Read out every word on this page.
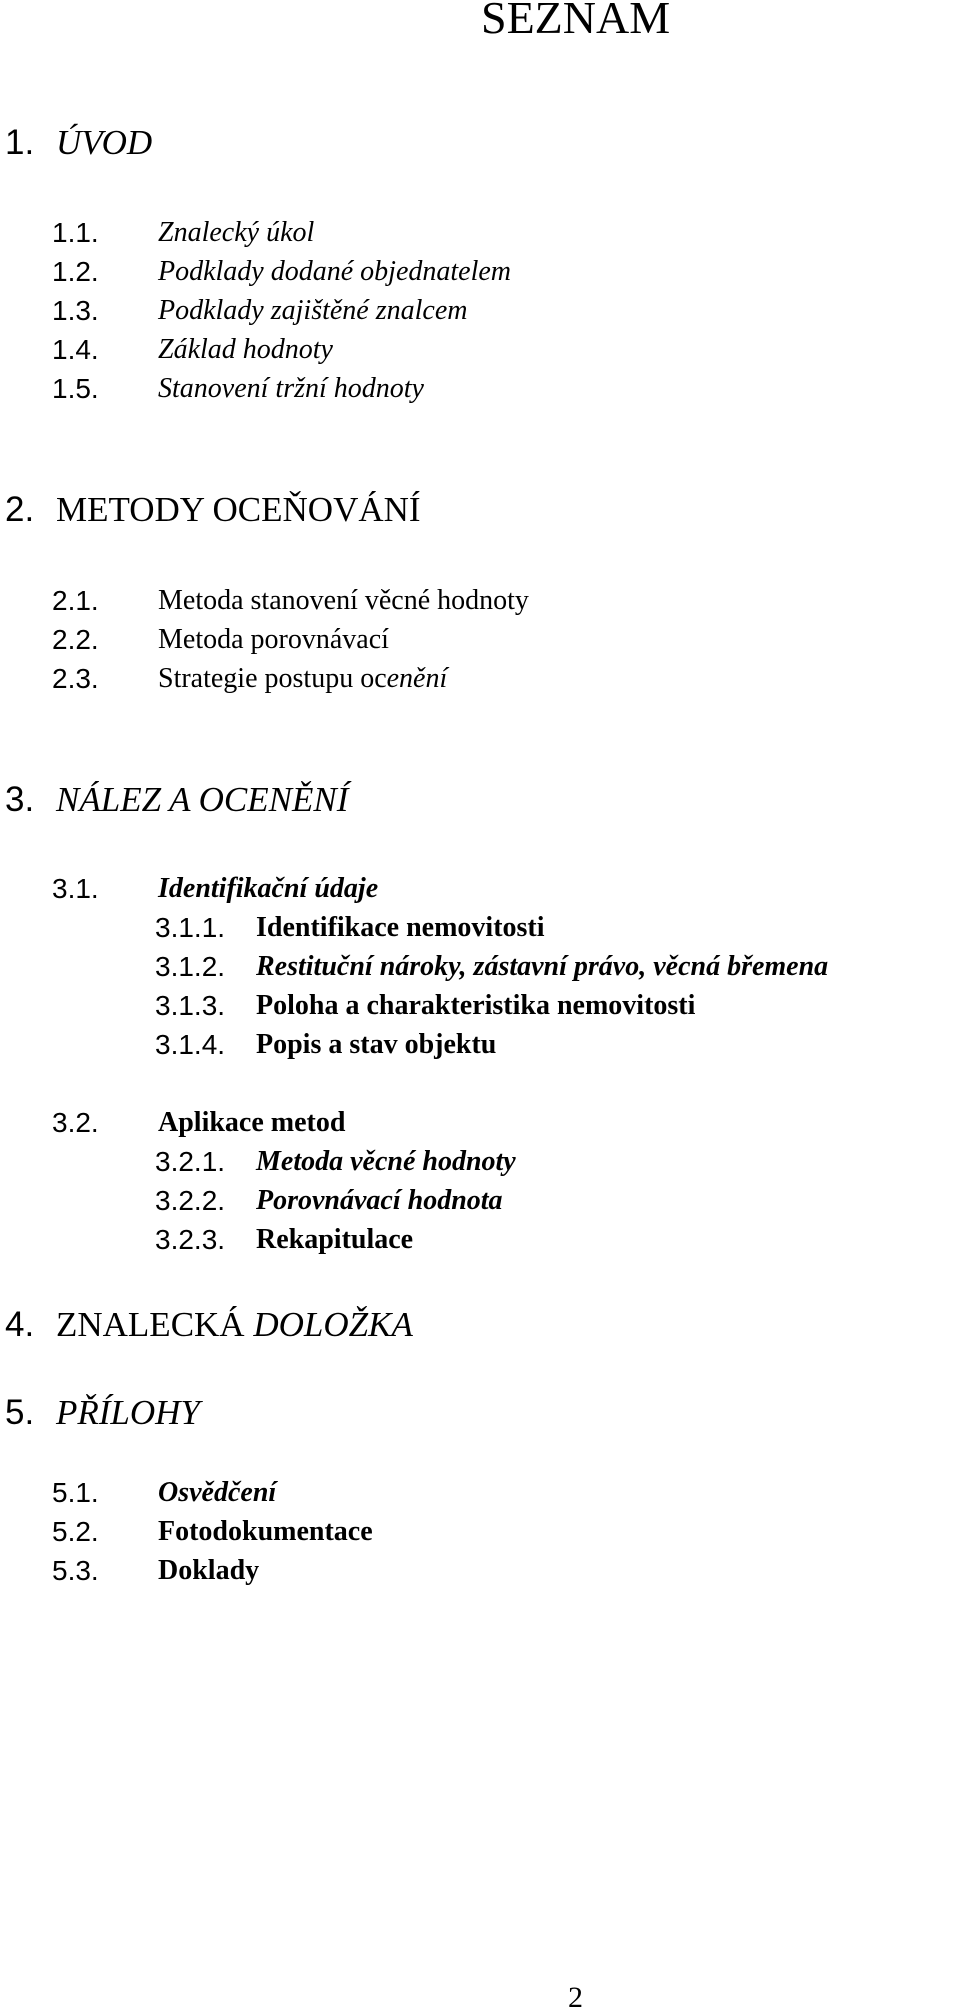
SEZNAM
1. ÚVOD
1.1. Znalecký úkol
1.2. Podklady dodané objednatelem
1.3. Podklady zajištěné znalcem
1.4. Základ hodnoty
1.5. Stanovení tržní hodnoty
2. METODY OCEŇOVÁNÍ
2.1. Metoda stanovení věcné hodnoty
2.2. Metoda porovnávací
2.3. Strategie postupu ocenění
3. NÁLEZ A OCENĚNÍ
3.1. Identifikační údaje
3.1.1. Identifikace nemovitosti
3.1.2. Restituční nároky, zástavní právo, věcná břemena
3.1.3. Poloha a charakteristika nemovitosti
3.1.4. Popis a stav objektu
3.2. Aplikace metod
3.2.1. Metoda věcné hodnoty
3.2.2. Porovnávací hodnota
3.2.3. Rekapitulace
4. ZNALECKÁ DOLOŽKA
5. PŘÍLOHY
5.1. Osvědčení
5.2. Fotodokumentace
5.3. Doklady
2
